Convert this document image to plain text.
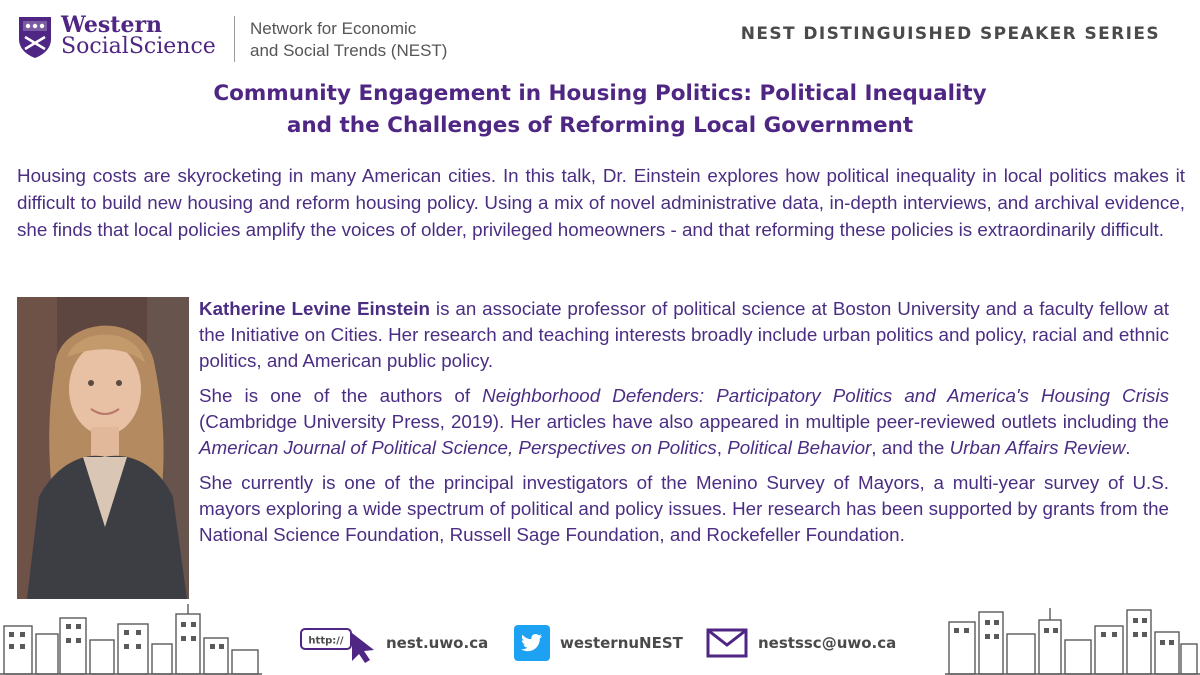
Western
SocialScience
Network for Economic
and Social Trends (NEST)
NEST DISTINGUISHED SPEAKER SERIES
Community Engagement in Housing Politics: Political Inequality
and the Challenges of Reforming Local Government
Housing costs are skyrocketing in many American cities. In this talk, Dr. Einstein explores how political inequality in local politics makes it difficult to build new housing and reform housing policy. Using a mix of novel administrative data, in-depth interviews, and archival evidence, she finds that local policies amplify the voices of older, privileged homeowners - and that reforming these policies is extraordinarily difficult.

Katherine Levine Einstein is an associate professor of political science at Boston University and a faculty fellow at the Initiative on Cities. Her research and teaching interests broadly include urban politics and policy, racial and ethnic politics, and American public policy.

She is one of the authors of Neighborhood Defenders: Participatory Politics and America's Housing Crisis (Cambridge University Press, 2019). Her articles have also appeared in multiple peer-reviewed outlets including the American Journal of Political Science, Perspectives on Politics, Political Behavior, and the Urban Affairs Review.

She currently is one of the principal investigators of the Menino Survey of Mayors, a multi-year survey of U.S. mayors exploring a wide spectrum of political and policy issues. Her research has been supported by grants from the National Science Foundation, Russell Sage Foundation, and Rockefeller Foundation.

http://	nest.uwo.ca	westernuNEST	nestssc@uwo.ca
